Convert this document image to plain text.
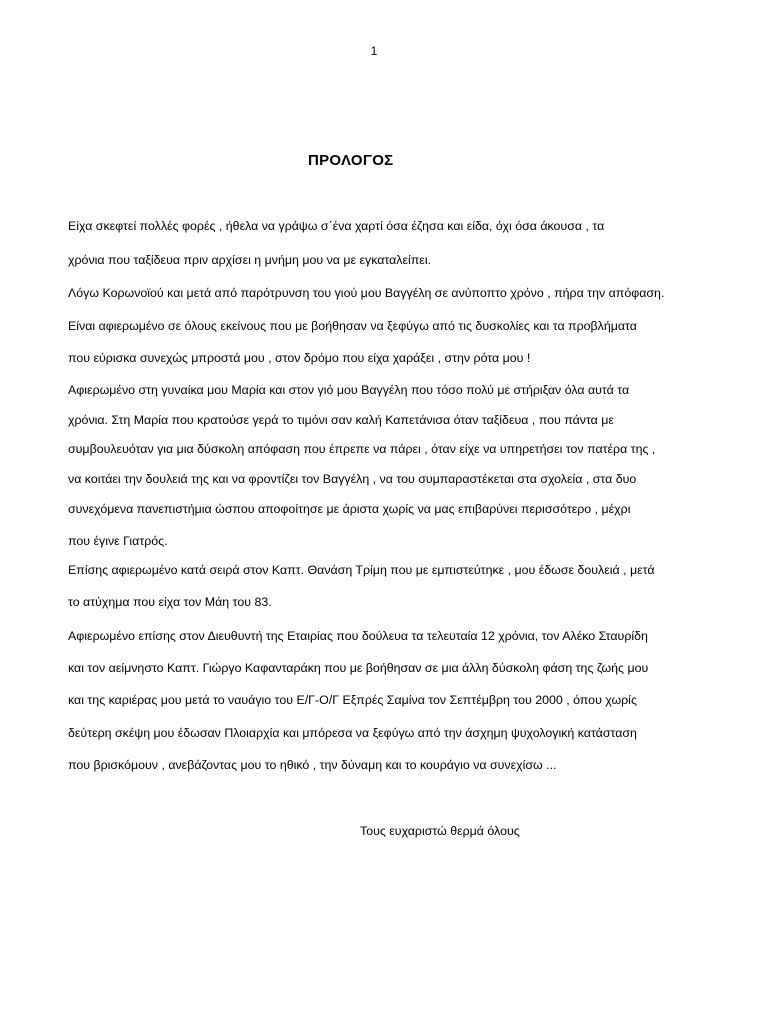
1
ΠΡΟΛΟΓΟΣ
Είχα σκεφτεί πολλές φορές , ήθελα να γράψω σ΄ένα χαρτί όσα έζησα και είδα, όχι όσα άκουσα , τα
χρόνια που ταξίδευα πριν αρχίσει η μνήμη μου να με εγκαταλείπει.
Λόγω Κορωνοϊού και μετά από παρότρυνση του γιού μου Βαγγέλη σε ανύποπτο χρόνο , πήρα την απόφαση.
Είναι αφιερωμένο σε όλους εκείνους που με βοήθησαν να ξεφύγω από τις δυσκολίες και τα προβλήματα
που εύρισκα συνεχώς μπροστά μου , στον δρόμο που είχα χαράξει , στην ρότα μου !
Αφιερωμένο στη γυναίκα μου Μαρία και στον γιό μου Βαγγέλη που τόσο πολύ με στήριξαν όλα αυτά τα
χρόνια. Στη Μαρία που κρατούσε γερά το τιμόνι σαν καλή Καπετάνισα όταν ταξίδευα , που πάντα με
συμβουλευόταν για μια δύσκολη απόφαση που έπρεπε να πάρει , όταν είχε να υπηρετήσει τον πατέρα της ,
να κοιτάει την δουλειά της και να φροντίζει τον Βαγγέλη , να του συμπαραστέκεται στα σχολεία , στα δυο
συνεχόμενα πανεπιστήμια ώσπου αποφοίτησε με άριστα χωρίς να μας επιβαρύνει περισσότερο , μέχρι
που έγινε Γιατρός.
Επίσης αφιερωμένο κατά σειρά στον Καπτ. Θανάση Τρίμη που με εμπιστεύτηκε , μου έδωσε δουλειά , μετά
το ατύχημα που είχα τον Μάη του 83.
Αφιερωμένο επίσης στον Διευθυντή της Εταιρίας που δούλευα τα τελευταία 12 χρόνια, τον Αλέκο Σταυρίδη
και τον αείμνηστο Καπτ. Γιώργο Καφανταράκη που με βοήθησαν σε μια άλλη δύσκολη φάση της ζωής μου
και της καριέρας μου μετά το ναυάγιο του Ε/Γ-Ο/Γ Εξπρές Σαμίνα τον Σεπτέμβρη του 2000 , όπου χωρίς
δεύτερη σκέψη μου έδωσαν Πλοιαρχία και μπόρεσα να ξεφύγω από την άσχημη ψυχολογική κατάσταση
που βρισκόμουν , ανεβάζοντας μου το ηθικό , την δύναμη και το κουράγιο να συνεχίσω ...
Τους ευχαριστώ θερμά όλους
